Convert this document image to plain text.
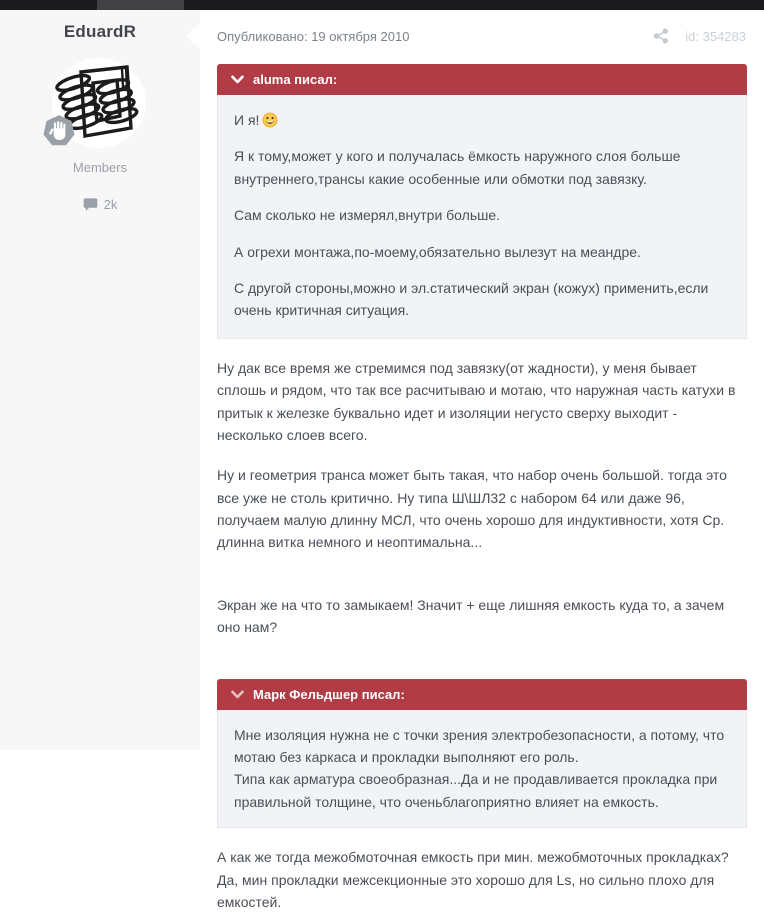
EduardR
Members
2k
Опубликовано: 19 октября 2010	id: 354283
aluma писал:

И я!

Я к тому,может у кого и получалась ёмкость наружного слоя больше внутреннего,трансы какие особенные или обмотки под завязку.

Сам сколько не измерял,внутри больше.

А огрехи монтажа,по-моему,обязательно вылезут на меандре.

С другой стороны,можно и эл.статический экран (кожух) применить,если очень критичная ситуация.

Ну дак все время же стремимся под завязку(от жадности), у меня бывает сплошь и рядом, что так все расчитываю и мотаю, что наружная часть катухи в притык к железке буквально идет и изоляции негусто сверху выходит - несколько слоев всего.

Ну и геометрия транса может быть такая, что набор очень большой. тогда это все уже не столь критично. Ну типа Ш\ШЛ32 с набором 64 или даже 96, получаем малую длинну МСЛ, что очень хорошо для индуктивности, хотя Ср. длинна витка немного и неоптимальна...

Экран же на что то замыкаем! Значит + еще лишняя емкость куда то, а зачем оно нам?

Марк Фельдшер писал:

Мне изоляция нужна не с точки зрения электробезопасности, а потому, что мотаю без каркаса и прокладки выполняют его роль.
Типа как арматура своеобразная...Да и не продавливается прокладка при правильной толщине, что оченьблагоприятно влияет на емкость.

А как же тогда межобмоточная емкость при мин. межобмоточных прокладках? Да, мин прокладки межсекционные это хорошо для Ls, но сильно плохо для емкостей.
